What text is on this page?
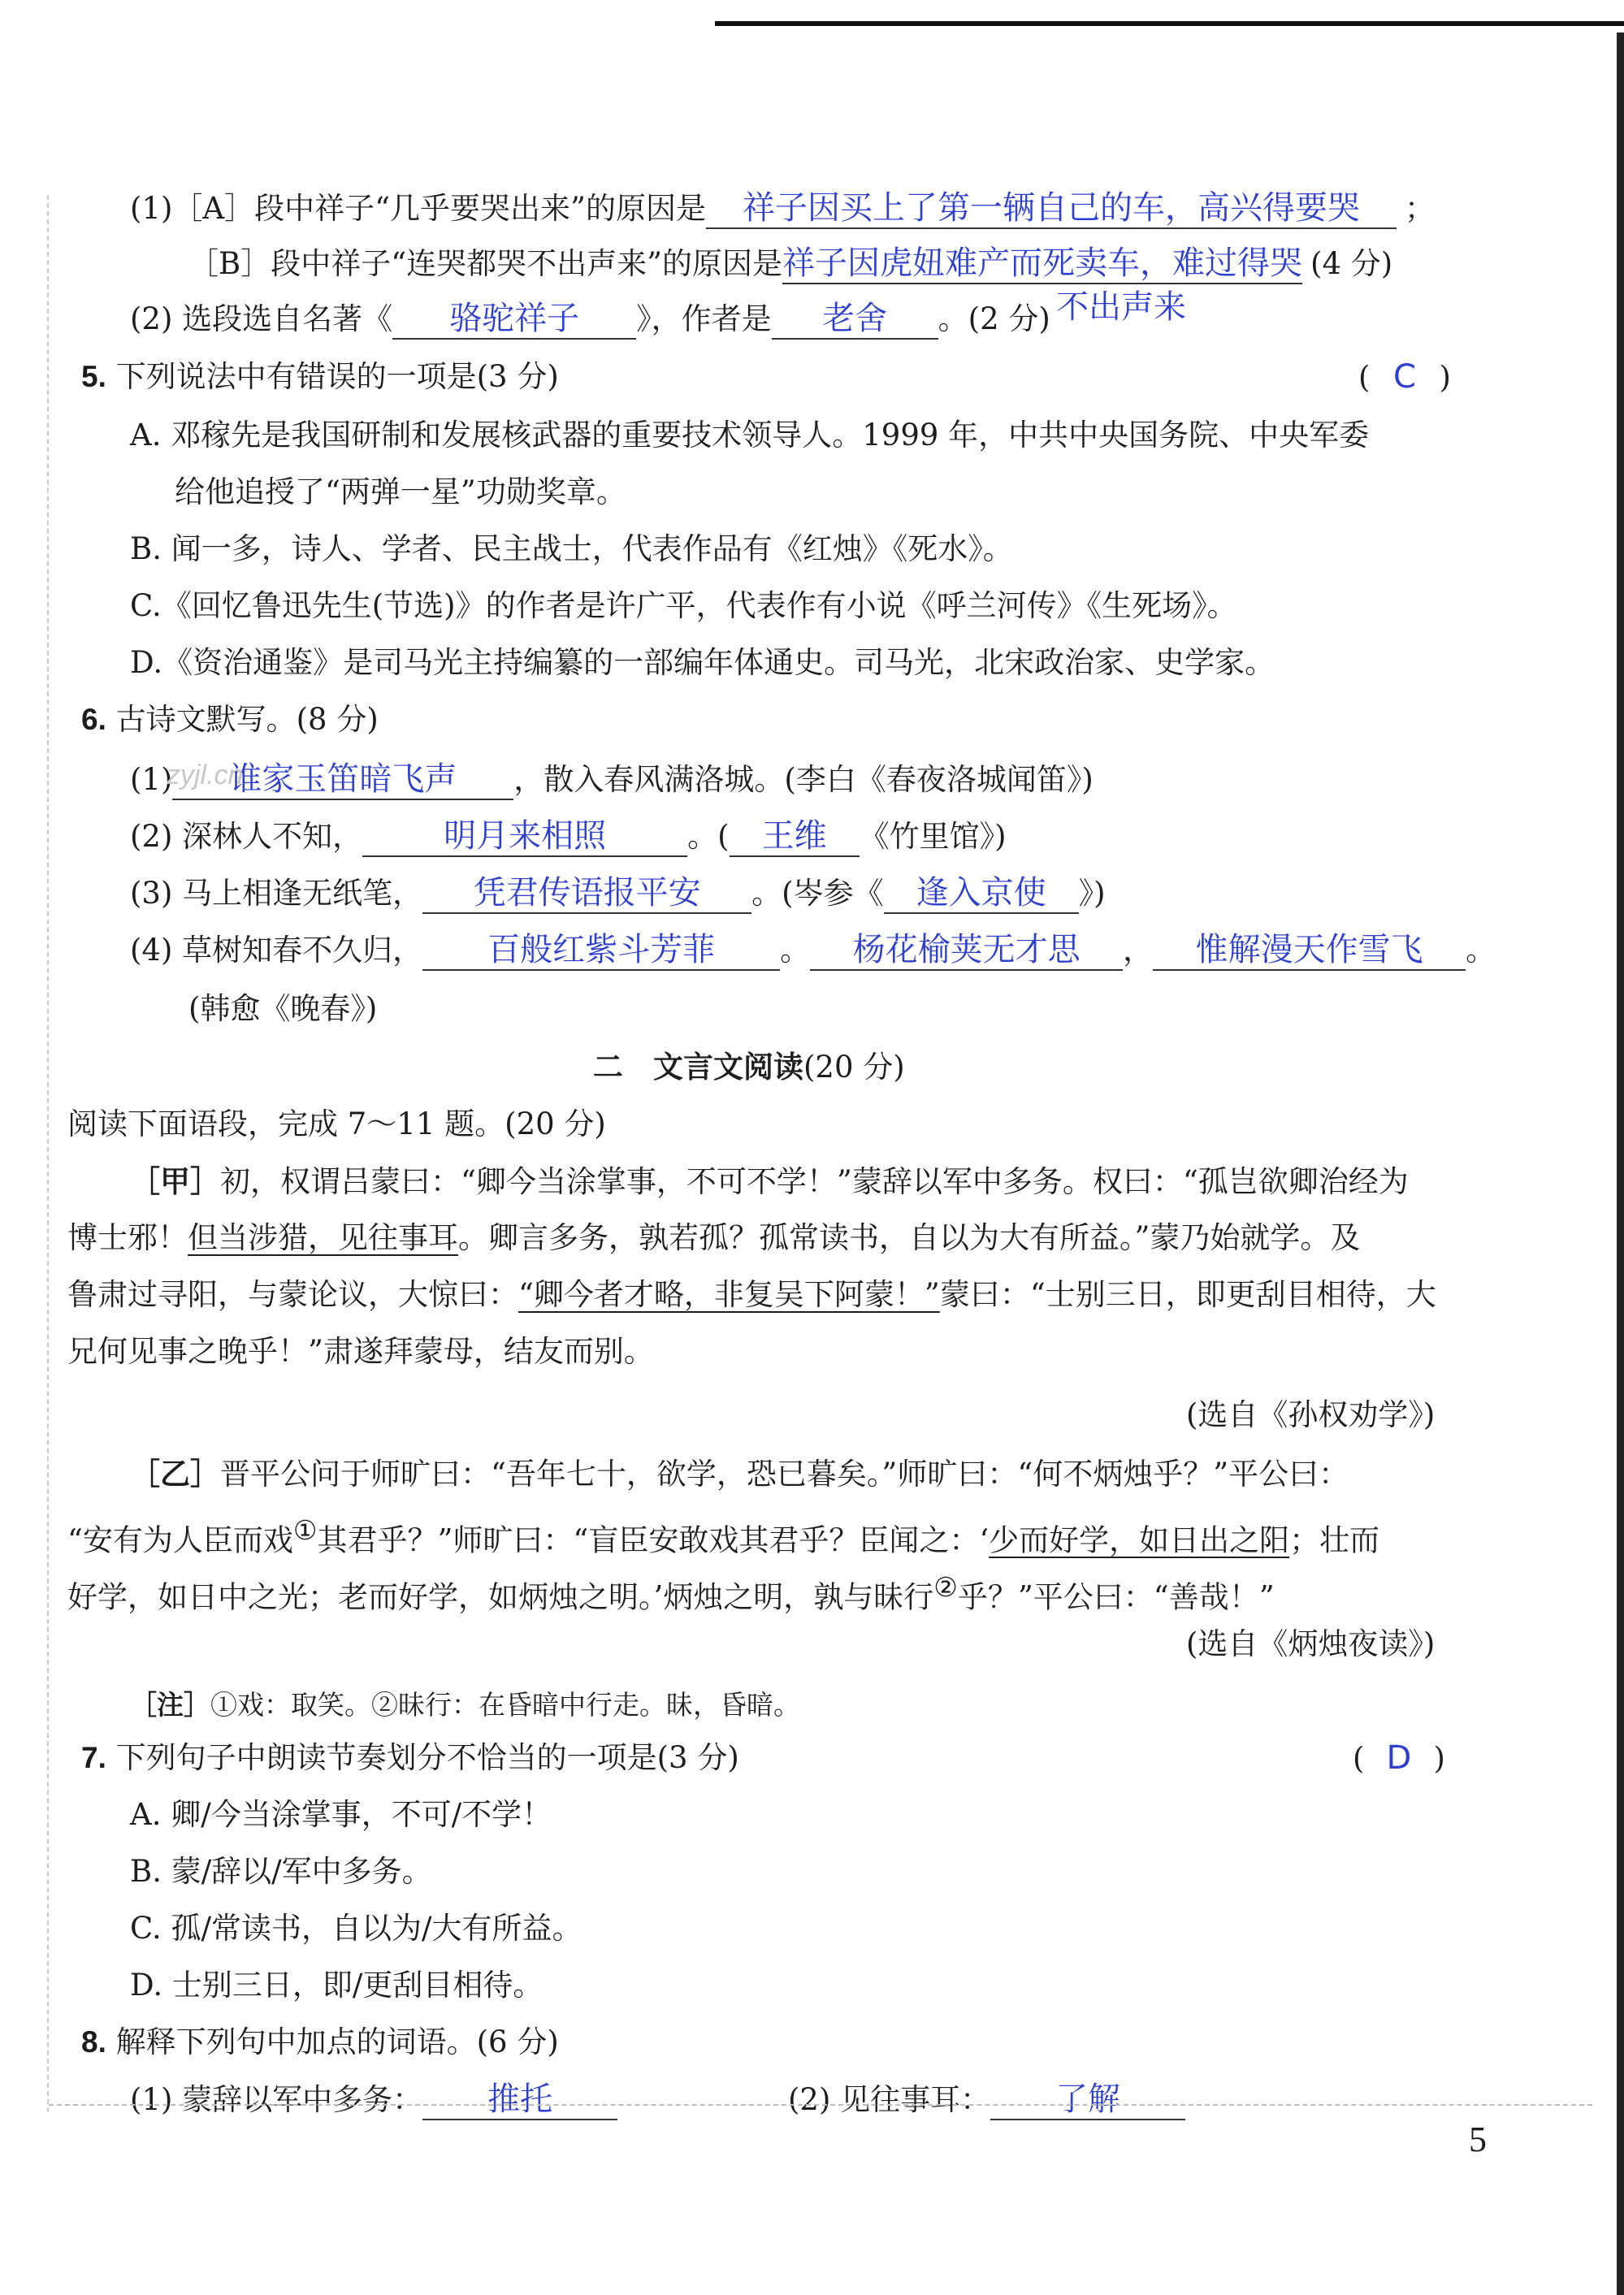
(1)［A］段中祥子“几乎要哭出来”的原因是 祥子因买上了第一辆自己的车，高兴得要哭 ；
［B］段中祥子“连哭都哭不出声来”的原因是祥子因虎妞难产而死卖车，难过得哭 (4 分)
(2) 选段选自名著《 骆驼祥子 》，作者是 老舍 。(2 分) 不出声来
5. 下列说法中有错误的一项是(3 分)	( C )
A. 邓稼先是我国研制和发展核武器的重要技术领导人。1999 年，中共中央国务院、中央军委
给他追授了“两弹一星”功勋奖章。
B. 闻一多，诗人、学者、民主战士，代表作品有《红烛》《死水》。
C.《回忆鲁迅先生(节选)》的作者是许广平，代表作有小说《呼兰河传》《生死场》。
D.《资治通鉴》是司马光主持编纂的一部编年体通史。司马光，北宋政治家、史学家。
6. 古诗文默写。(8 分)
(1) 谁家玉笛暗飞声 ，散入春风满洛城。(李白《春夜洛城闻笛》)
(2) 深林人不知，	明月来相照	。( 王维 《竹里馆》)
(3) 马上相逢无纸笔， 凭君传语报平安 。(岑参《 逢入京使 》)
(4) 草树知春不久归， 百般红紫斗芳菲 。 杨花榆荚无才思 ， 惟解漫天作雪飞 。
(韩愈《晚春》)
二　文言文阅读(20 分)
阅读下面语段，完成 7～11 题。(20 分)
［甲］初，权谓吕蒙曰：“卿今当涂掌事，不可不学！”蒙辞以军中多务。权曰：“孤岂欲卿治经为
博士邪！但当涉猎，见往事耳。卿言多务，孰若孤？孤常读书，自以为大有所益。”蒙乃始就学。及
鲁肃过寻阳，与蒙论议，大惊曰：“卿今者才略，非复吴下阿蒙！”蒙曰：“士别三日，即更刮目相待，大
兄何见事之晚乎！”肃遂拜蒙母，结友而别。
(选自《孙权劝学》)
［乙］晋平公问于师旷曰：“吾年七十，欲学，恐已暮矣。”师旷曰：“何不炳烛乎？”平公曰：
“安有为人臣而戏①其君乎？”师旷曰：“盲臣安敢戏其君乎？臣闻之：‘少而好学，如日出之阳；壮而
好学，如日中之光；老而好学，如炳烛之明。’炳烛之明，孰与昧行②乎？”平公曰：“善哉！”
(选自《炳烛夜读》)
［注］①戏：取笑。②昧行：在昏暗中行走。昧，昏暗。
7. 下列句子中朗读节奏划分不恰当的一项是(3 分)	( D )
A. 卿/今当涂掌事，不可/不学！
B. 蒙/辞以/军中多务。
C. 孤/常读书，自以为/大有所益。
D. 士别三日，即/更刮目相待。
8. 解释下列句中加点的词语。(6 分)
(1) 蒙辞以军中多务： 推托	(2) 见往事耳： 了解
5
zyjl.cn
